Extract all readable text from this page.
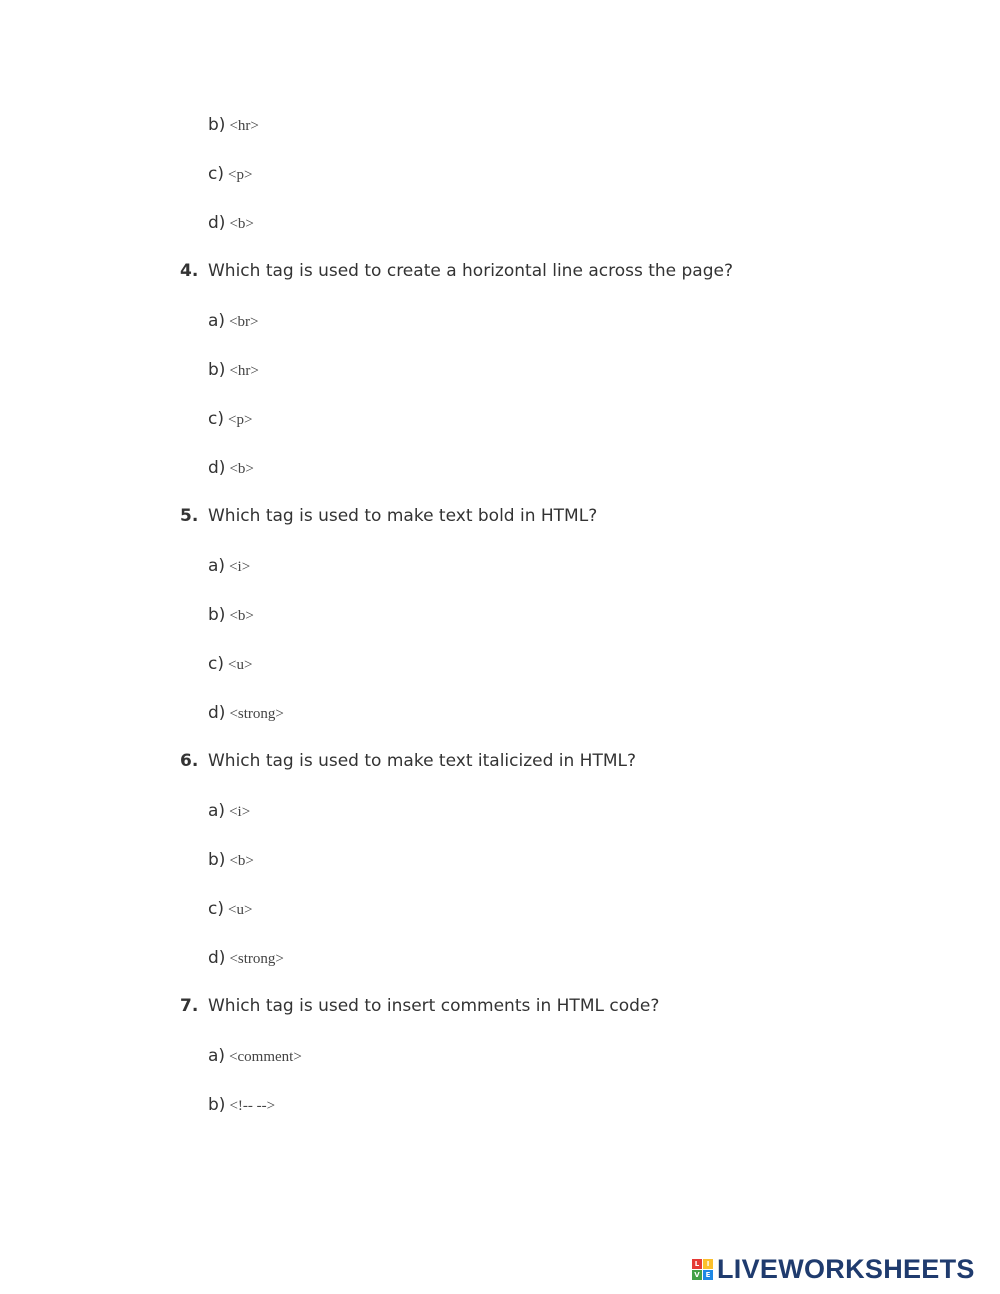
b) <hr>
c) <p>
d) <b>
4. Which tag is used to create a horizontal line across the page?
a) <br>
b) <hr>
c) <p>
d) <b>
5. Which tag is used to make text bold in HTML?
a) <i>
b) <b>
c) <u>
d) <strong>
6. Which tag is used to make text italicized in HTML?
a) <i>
b) <b>
c) <u>
d) <strong>
7. Which tag is used to insert comments in HTML code?
a) <comment>
b) <!-- -->
L	I
V E LIVEWORKSHEETS
